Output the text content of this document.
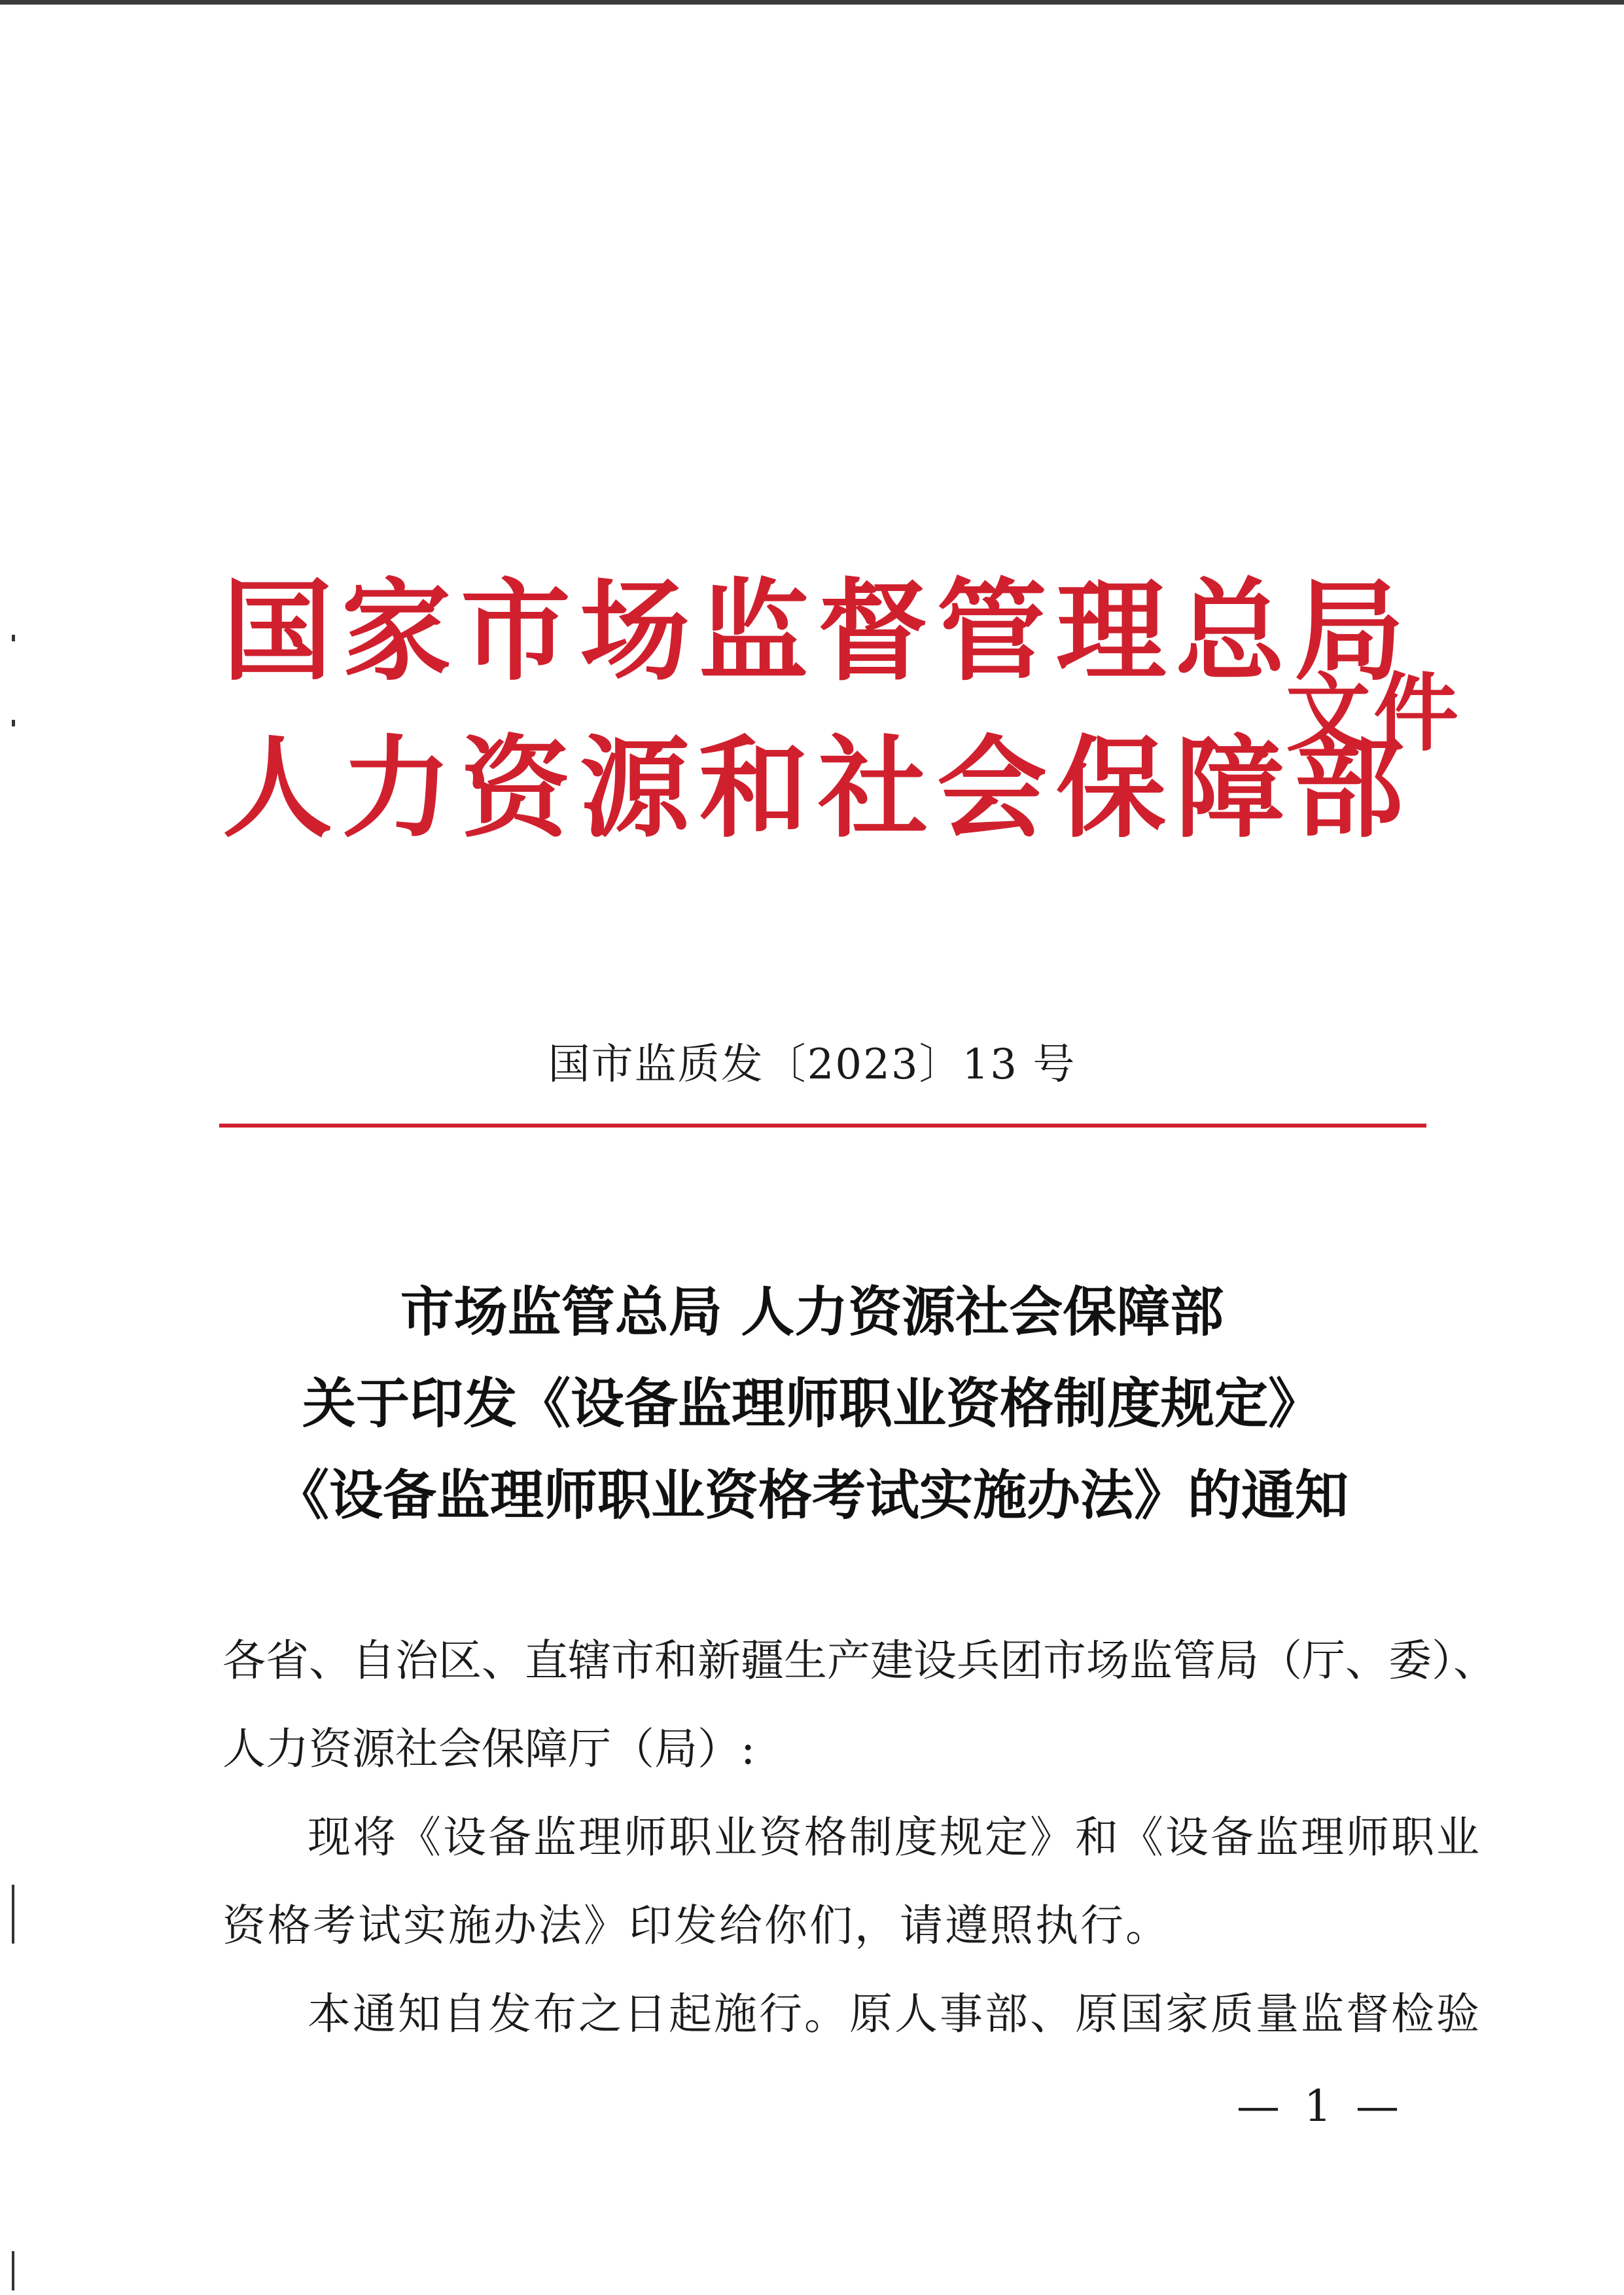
国家市场监督管理总局
人力资源和社会保障部
文件
国市监质发〔2023〕13 号
市场监管总局 人力资源社会保障部
关于印发《设备监理师职业资格制度规定》
《设备监理师职业资格考试实施办法》的通知
各省、自治区、直辖市和新疆生产建设兵团市场监管局（厅、委）、
人力资源社会保障厅（局）:
现将《设备监理师职业资格制度规定》和《设备监理师职业
资格考试实施办法》印发给你们，请遵照执行。
本通知自发布之日起施行。原人事部、原国家质量监督检验
— 1 —
